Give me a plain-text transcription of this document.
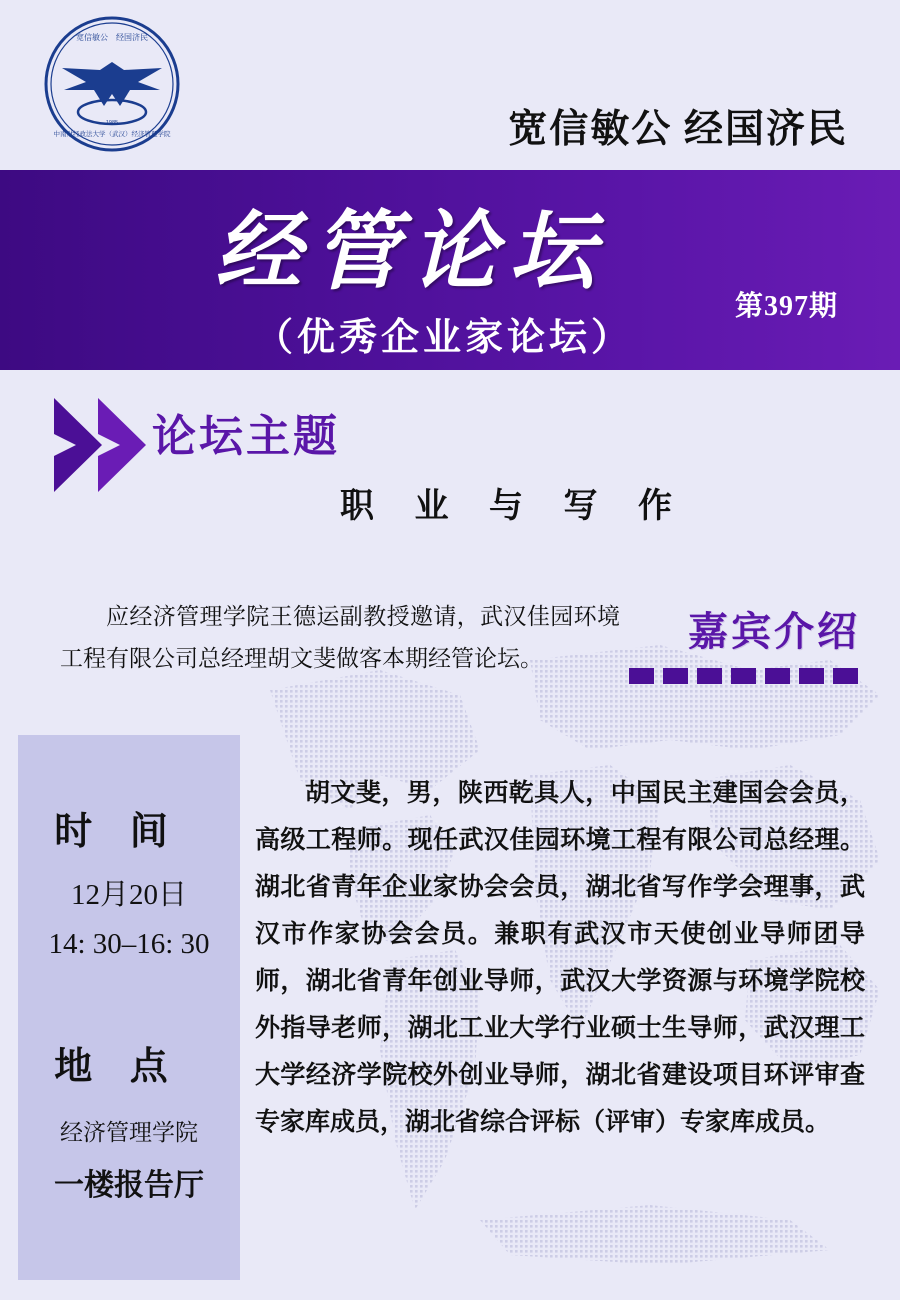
宽信敏公　经国济民
中南财经政法大学（武汉）经济管理学院
1985	宽信敏公 经国济民
经管论坛
第397期
（优秀企业家论坛）
论坛主题
职 业 与 写 作
应经济管理学院王德运副教授邀请，武汉佳园环境工程有限公司总经理胡文斐做客本期经管论坛。
嘉宾介绍
时 间
12月20日
14: 30–16: 30
地 点
经济管理学院
一楼报告厅
胡文斐，男，陕西乾具人，中国民主建国会会员，高级工程师。现任武汉佳园环境工程有限公司总经理。湖北省青年企业家协会会员，湖北省写作学会理事，武汉市作家协会会员。兼职有武汉市天使创业导师团导师，湖北省青年创业导师，武汉大学资源与环境学院校外指导老师，湖北工业大学行业硕士生导师，武汉理工大学经济学院校外创业导师，湖北省建设项目环评审查专家库成员，湖北省综合评标（评审）专家库成员。
